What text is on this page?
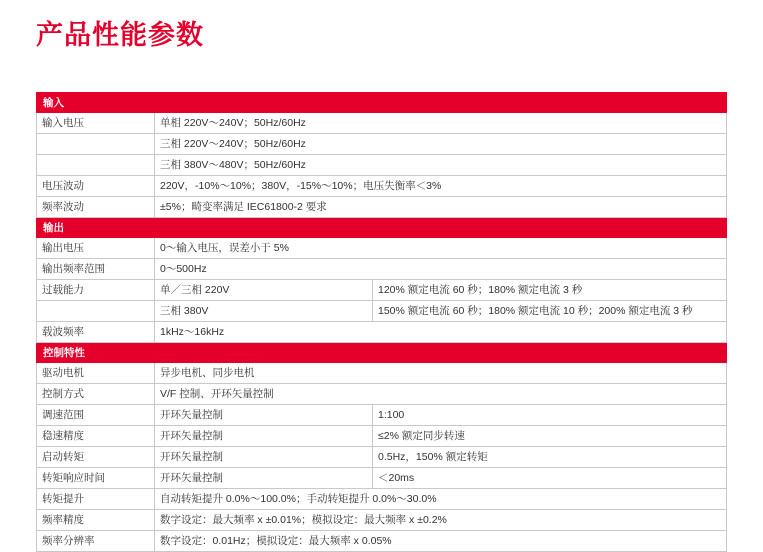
产品性能参数
输入		
输入电压	单相 220V～240V；50Hz/60Hz	
	三相 220V～240V；50Hz/60Hz	
	三相 380V～480V；50Hz/60Hz	
电压波动	220V，-10%～10%；380V，-15%～10%；电压失衡率＜3%	
频率波动	±5%；畸变率满足 IEC61800-2 要求	
输出		
输出电压	0～输入电压，误差小于 5%	
输出频率范围	0～500Hz	
过载能力	单／三相 220V	120% 额定电流 60 秒；180% 额定电流 3 秒
	三相 380V	150% 额定电流 60 秒；180% 额定电流 10 秒；200% 额定电流 3 秒
载波频率	1kHz～16kHz	
控制特性		
驱动电机	异步电机、同步电机	
控制方式	V/F 控制、开环矢量控制	
调速范围	开环矢量控制	1:100
稳速精度	开环矢量控制	≤2% 额定同步转速
启动转矩	开环矢量控制	0.5Hz，150% 额定转矩
转矩响应时间	开环矢量控制	＜20ms
转矩提升	自动转矩提升 0.0%～100.0%；手动转矩提升 0.0%～30.0%	
频率精度	数字设定：最大频率 x ±0.01%；模拟设定：最大频率 x ±0.2%	
频率分辨率	数字设定：0.01Hz；模拟设定：最大频率 x 0.05%	
